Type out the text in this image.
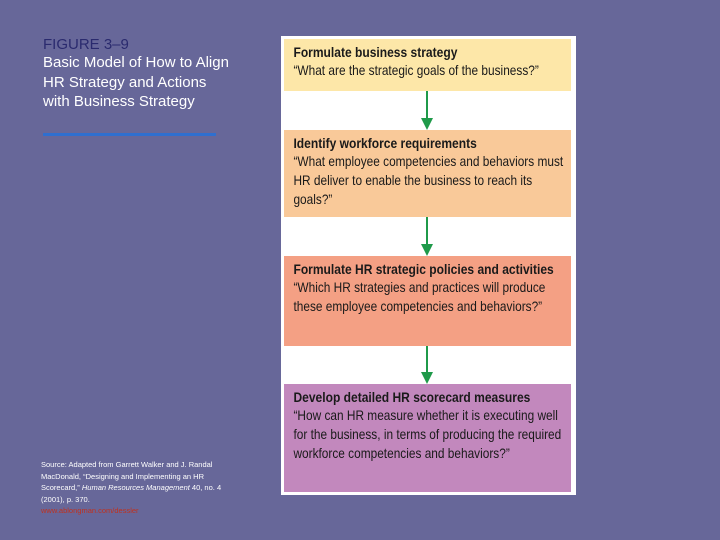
FIGURE 3–9
Basic Model of How to Align HR Strategy and Actions with Business Strategy
Source: Adapted from Garrett Walker and J. Randal MacDonald, “Designing and Implementing an HR Scorecard,” Human Resources Management 40, no. 4 (2001), p. 370.
www.ablongman.com/dessler
Formulate business strategy
“What are the strategic goals of the business?”
Identify workforce requirements
“What employee competencies and behaviors must HR deliver to enable the business to reach its goals?”
Formulate HR strategic policies and activities
“Which HR strategies and practices will produce these employee competencies and behaviors?”
Develop detailed HR scorecard measures
“How can HR measure whether it is executing well for the business, in terms of producing the required workforce competencies and behaviors?”
